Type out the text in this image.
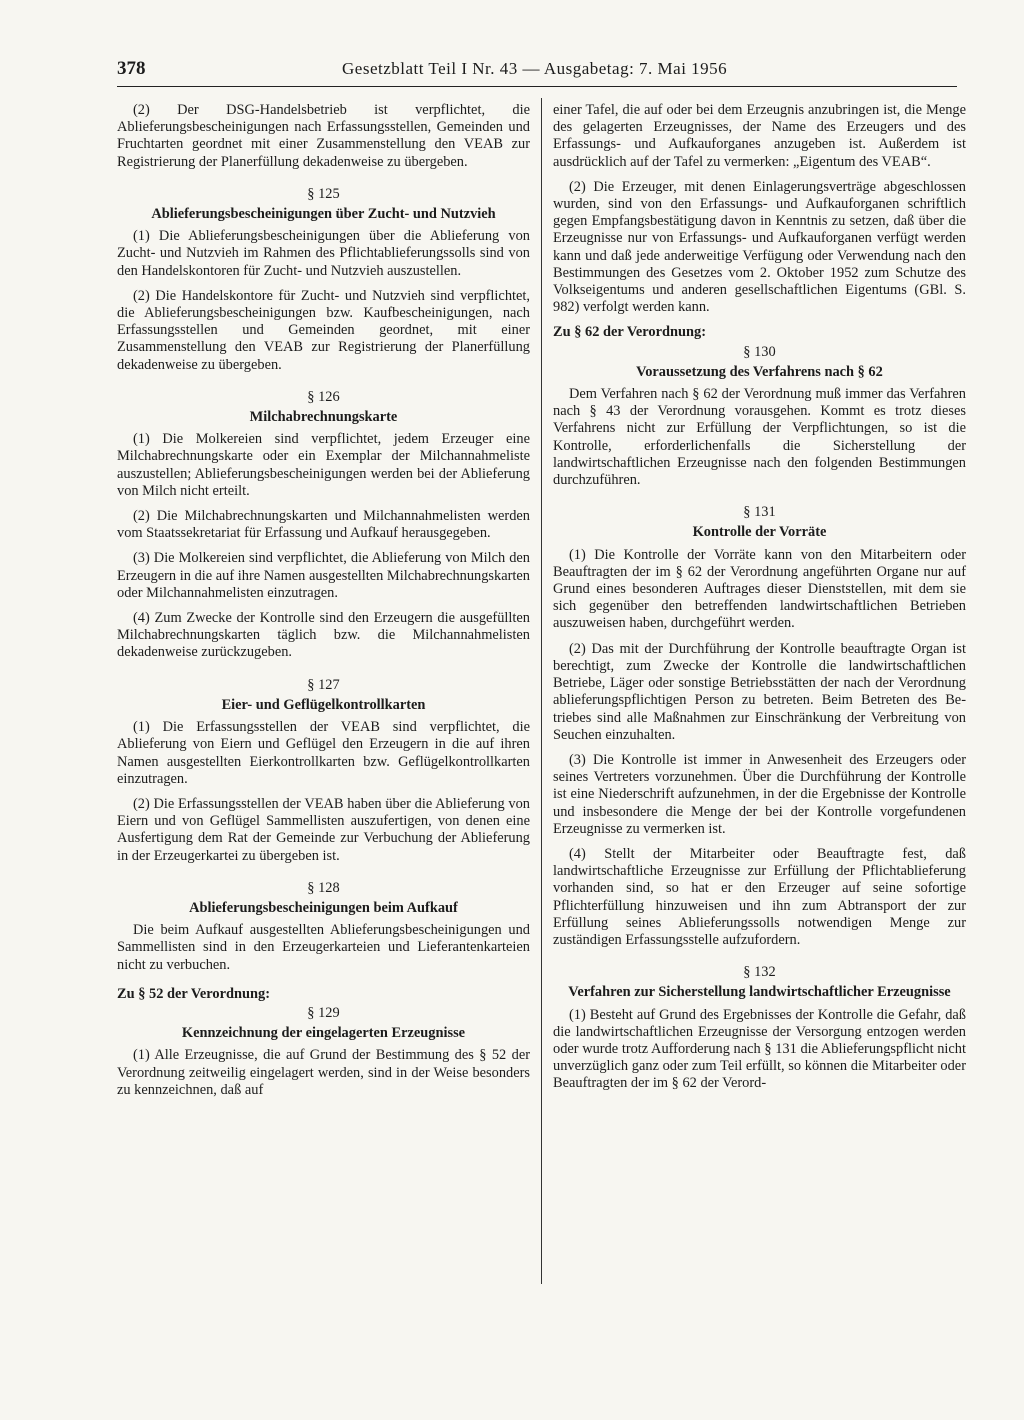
378	Gesetzblatt Teil I Nr. 43 — Ausgabetag: 7. Mai 1956

(2) Der DSG-Handelsbetrieb ist verpflichtet, die Ablieferungsbescheinigungen nach Erfassungsstellen, Gemeinden und Fruchtarten geordnet mit einer Zusammenstellung den VEAB zur Registrierung der Planerfüllung dekadenweise zu übergeben.

§ 125
Ablieferungsbescheinigungen über Zucht- und Nutzvieh

(1) Die Ablieferungsbescheinigungen über die Ablieferung von Zucht- und Nutzvieh im Rahmen des Pflichtablieferungssolls sind von den Handelskontoren für Zucht- und Nutzvieh auszustellen.

(2) Die Handelskontore für Zucht- und Nutzvieh sind verpflichtet, die Ablieferungsbescheinigungen bzw. Kaufbescheinigungen, nach Erfassungsstellen und Gemeinden geordnet, mit einer Zusammenstellung den VEAB zur Registrierung der Planerfüllung dekadenweise zu übergeben.

§ 126
Milchabrechnungskarte

(1) Die Molkereien sind verpflichtet, jedem Erzeuger eine Milchabrechnungskarte oder ein Exemplar der Milchannahmeliste auszustellen; Ablieferungsbescheinigungen werden bei der Ablieferung von Milch nicht erteilt.

(2) Die Milchabrechnungskarten und Milchannahmelisten werden vom Staatssekretariat für Erfassung und Aufkauf herausgegeben.

(3) Die Molkereien sind verpflichtet, die Ablieferung von Milch den Erzeugern in die auf ihre Namen ausgestellten Milchabrechnungskarten oder Milchannahmelisten einzutragen.

(4) Zum Zwecke der Kontrolle sind den Erzeugern die ausgefüllten Milchabrechnungskarten täglich bzw. die Milchannahmelisten dekadenweise zurückzugeben.

§ 127
Eier- und Geflügelkontrollkarten

(1) Die Erfassungsstellen der VEAB sind verpflichtet, die Ablieferung von Eiern und Geflügel den Erzeugern in die auf ihren Namen ausgestellten Eierkontrollkarten bzw. Geflügelkontrollkarten einzutragen.

(2) Die Erfassungsstellen der VEAB haben über die Ablieferung von Eiern und von Geflügel Sammellisten auszufertigen, von denen eine Ausfertigung dem Rat der Gemeinde zur Verbuchung der Ablieferung in der Erzeugerkartei zu übergeben ist.

§ 128
Ablieferungsbescheinigungen beim Aufkauf

Die beim Aufkauf ausgestellten Ablieferungsbescheinigungen und Sammellisten sind in den Erzeugerkarteien und Lieferantenkarteien nicht zu verbuchen.

Zu § 52 der Verordnung:
§ 129
Kennzeichnung der eingelagerten Erzeugnisse

(1) Alle Erzeugnisse, die auf Grund der Bestimmung des § 52 der Verordnung zeitweilig eingelagert werden, sind in der Weise besonders zu kennzeichnen, daß auf

einer Tafel, die auf oder bei dem Erzeugnis anzubringen ist, die Menge des gelagerten Erzeugnisses, der Name des Erzeugers und des Erfassungs- und Aufkauforganes anzugeben ist. Außerdem ist ausdrücklich auf der Tafel zu vermerken: „Eigentum des VEAB“.

(2) Die Erzeuger, mit denen Einlagerungsverträge abgeschlossen wurden, sind von den Erfassungs- und Aufkauforganen schriftlich gegen Empfangsbestätigung davon in Kenntnis zu setzen, daß über die Erzeugnisse nur von Erfassungs- und Aufkauforganen verfügt werden kann und daß jede anderweitige Verfügung oder Verwendung nach den Bestimmungen des Gesetzes vom 2. Oktober 1952 zum Schutze des Volkseigentums und anderen gesellschaftlichen Eigentums (GBl. S. 982) verfolgt werden kann.

Zu § 62 der Verordnung:
§ 130
Voraussetzung des Verfahrens nach § 62

Dem Verfahren nach § 62 der Verordnung muß immer das Verfahren nach § 43 der Verordnung vorausgehen. Kommt es trotz dieses Verfahrens nicht zur Erfüllung der Verpflichtungen, so ist die Kontrolle, erforderlichenfalls die Sicherstellung der landwirtschaftlichen Erzeugnisse nach den folgenden Bestimmungen durchzuführen.

§ 131
Kontrolle der Vorräte

(1) Die Kontrolle der Vorräte kann von den Mitarbeitern oder Beauftragten der im § 62 der Verordnung angeführten Organe nur auf Grund eines besonderen Auftrages dieser Dienststellen, mit dem sie sich gegenüber den betreffenden landwirtschaftlichen Betrieben auszuweisen haben, durchgeführt werden.

(2) Das mit der Durchführung der Kontrolle beauftragte Organ ist berechtigt, zum Zwecke der Kontrolle die landwirtschaftlichen Betriebe, Läger oder sonstige Betriebsstätten der nach der Verordnung ablieferungspflichtigen Person zu betreten. Beim Betreten des Betriebes sind alle Maßnahmen zur Einschränkung der Verbreitung von Seuchen einzuhalten.

(3) Die Kontrolle ist immer in Anwesenheit des Erzeugers oder seines Vertreters vorzunehmen. Über die Durchführung der Kontrolle ist eine Niederschrift aufzunehmen, in der die Ergebnisse der Kontrolle und insbesondere die Menge der bei der Kontrolle vorgefundenen Erzeugnisse zu vermerken ist.

(4) Stellt der Mitarbeiter oder Beauftragte fest, daß landwirtschaftliche Erzeugnisse zur Erfüllung der Pflichtablieferung vorhanden sind, so hat er den Erzeuger auf seine sofortige Pflichterfüllung hinzuweisen und ihn zum Abtransport der zur Erfüllung seines Ablieferungssolls notwendigen Menge zur zuständigen Erfassungsstelle aufzufordern.

§ 132
Verfahren zur Sicherstellung landwirtschaftlicher Erzeugnisse

(1) Besteht auf Grund des Ergebnisses der Kontrolle die Gefahr, daß die landwirtschaftlichen Erzeugnisse der Versorgung entzogen werden oder wurde trotz Aufforderung nach § 131 die Ablieferungspflicht nicht unverzüglich ganz oder zum Teil erfüllt, so können die Mitarbeiter oder Beauftragten der im § 62 der Verord-
